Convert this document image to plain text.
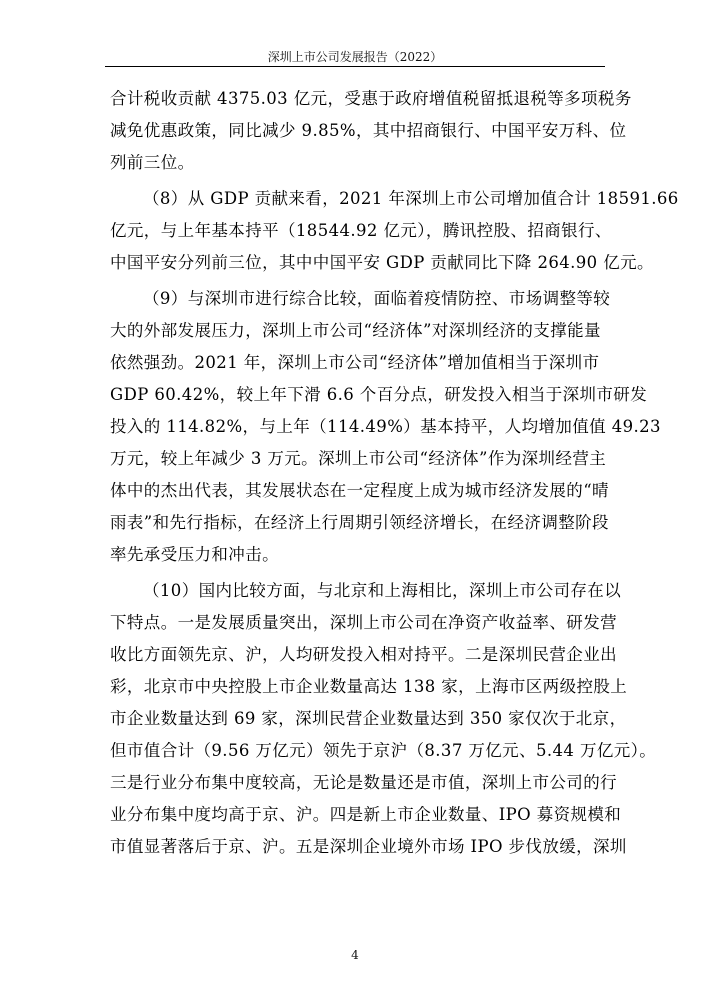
深圳上市公司发展报告（2022）
合计税收贡献 4375.03 亿元，受惠于政府增值税留抵退税等多项税务
减免优惠政策，同比减少 9.85%，其中招商银行、中国平安万科、位
列前三位。
（8）从 GDP 贡献来看，2021 年深圳上市公司增加值合计 18591.66
亿元，与上年基本持平（18544.92 亿元），腾讯控股、招商银行、
中国平安分列前三位，其中中国平安 GDP 贡献同比下降 264.90 亿元。
（9）与深圳市进行综合比较，面临着疫情防控、市场调整等较
大的外部发展压力，深圳上市公司“经济体”对深圳经济的支撑能量
依然强劲。2021 年，深圳上市公司“经济体”增加值相当于深圳市
GDP 60.42%，较上年下滑 6.6 个百分点，研发投入相当于深圳市研发
投入的 114.82%，与上年（114.49%）基本持平，人均增加值值 49.23
万元，较上年减少 3 万元。深圳上市公司“经济体”作为深圳经营主
体中的杰出代表，其发展状态在一定程度上成为城市经济发展的“晴
雨表”和先行指标，在经济上行周期引领经济增长，在经济调整阶段
率先承受压力和冲击。
（10）国内比较方面，与北京和上海相比，深圳上市公司存在以
下特点。一是发展质量突出，深圳上市公司在净资产收益率、研发营
收比方面领先京、沪，人均研发投入相对持平。二是深圳民营企业出
彩，北京市中央控股上市企业数量高达 138 家，上海市区两级控股上
市企业数量达到 69 家，深圳民营企业数量达到 350 家仅次于北京，
但市值合计（9.56 万亿元）领先于京沪（8.37 万亿元、5.44 万亿元）。
三是行业分布集中度较高，无论是数量还是市值，深圳上市公司的行
业分布集中度均高于京、沪。四是新上市企业数量、IPO 募资规模和
市值显著落后于京、沪。五是深圳企业境外市场 IPO 步伐放缓，深圳
4
